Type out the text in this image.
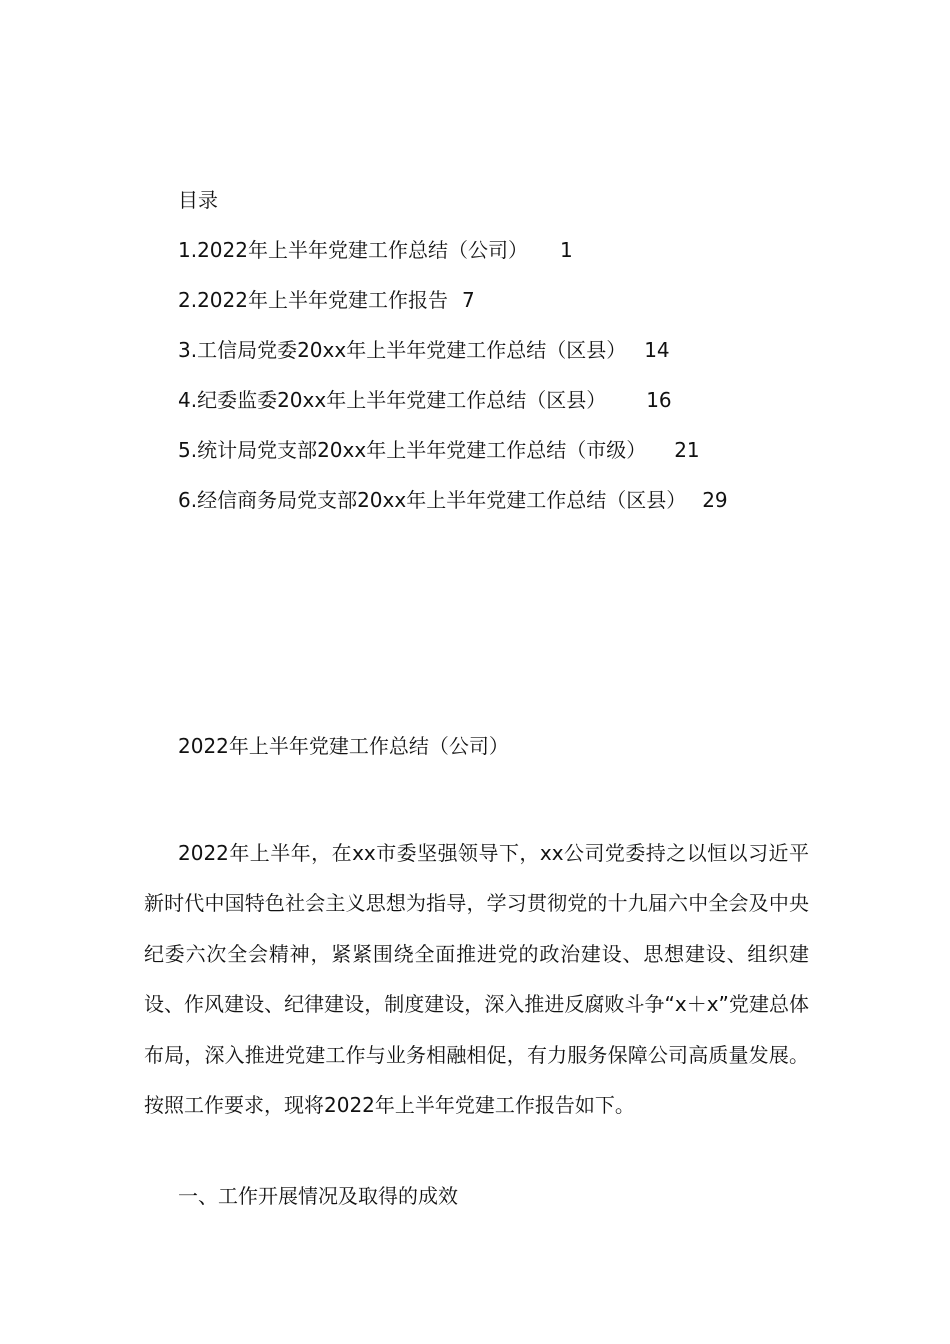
目录

1.2022年上半年党建工作总结（公司） 1
2.2022年上半年党建工作报告 7
3.工信局党委20xx年上半年党建工作总结（区县） 14
4.纪委监委20xx年上半年党建工作总结（区县） 16
5.统计局党支部20xx年上半年党建工作总结（市级） 21
6.经信商务局党支部20xx年上半年党建工作总结（区县） 29
2022年上半年党建工作总结（公司）

2022年上半年，在xx市委坚强领导下，xx公司党委持之以恒以习近平新时代中国特色社会主义思想为指导，学习贯彻党的十九届六中全会及中央纪委六次全会精神，紧紧围绕全面推进党的政治建设、思想建设、组织建设、作风建设、纪律建设，制度建设，深入推进反腐败斗争“x＋x”党建总体布局，深入推进党建工作与业务相融相促，有力服务保障公司高质量发展。按照工作要求，现将2022年上半年党建工作报告如下。

一、工作开展情况及取得的成效
